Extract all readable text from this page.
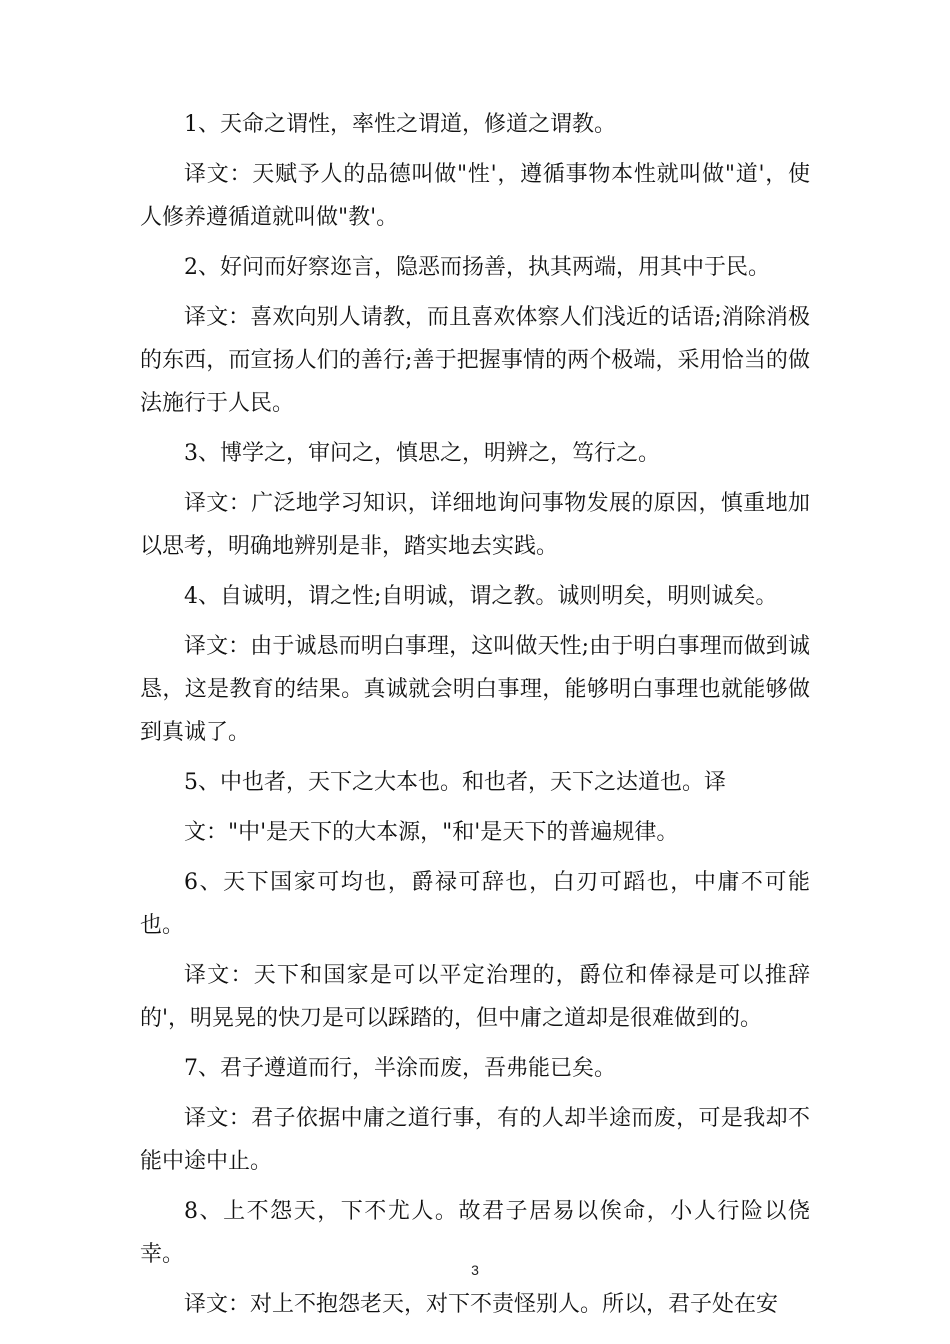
1、天命之谓性，率性之谓道，修道之谓教。

译文：天赋予人的品德叫做"性'，遵循事物本性就叫做"道'，使人修养遵循道就叫做"教'。

2、好问而好察迩言，隐恶而扬善，执其两端，用其中于民。

译文：喜欢向别人请教，而且喜欢体察人们浅近的话语;消除消极的东西，而宣扬人们的善行;善于把握事情的两个极端，采用恰当的做法施行于人民。

3、博学之，审问之，慎思之，明辨之，笃行之。

译文：广泛地学习知识，详细地询问事物发展的原因，慎重地加以思考，明确地辨别是非，踏实地去实践。

4、自诚明，谓之性;自明诚，谓之教。诚则明矣，明则诚矣。

译文：由于诚恳而明白事理，这叫做天性;由于明白事理而做到诚恳，这是教育的结果。真诚就会明白事理，能够明白事理也就能够做到真诚了。

5、中也者，天下之大本也。和也者，天下之达道也。译

文："中'是天下的大本源，"和'是天下的普遍规律。

6、天下国家可均也，爵禄可辞也，白刃可蹈也，中庸不可能也。

译文：天下和国家是可以平定治理的，爵位和俸禄是可以推辞的'，明晃晃的快刀是可以踩踏的，但中庸之道却是很难做到的。

7、君子遵道而行，半涂而废，吾弗能已矣。

译文：君子依据中庸之道行事，有的人却半途而废，可是我却不能中途中止。

8、上不怨天，下不尤人。故君子居易以俟命，小人行险以侥幸。

译文：对上不抱怨老天，对下不责怪别人。所以，君子处在安

3
